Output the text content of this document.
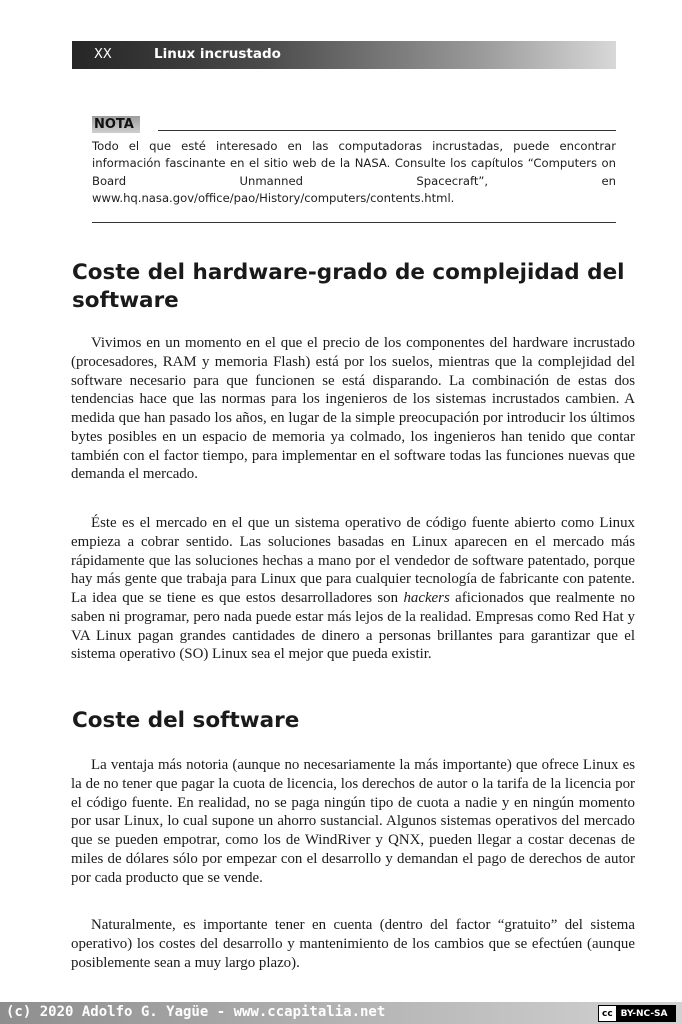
XX	Linux incrustado
NOTA
Todo el que esté interesado en las computadoras incrustadas, puede encontrar información fascinante en el sitio web de la NASA. Consulte los capítulos “Computers on Board Unmanned Spacecraft”, en www.hq.nasa.gov/office/pao/History/computers/contents.html.
Coste del hardware-grado de complejidad del software

Vivimos en un momento en el que el precio de los componentes del hardware incrustado (procesadores, RAM y memoria Flash) está por los suelos, mientras que la complejidad del software necesario para que funcionen se está disparando. La combinación de estas dos tendencias hace que las normas para los ingenieros de los sistemas incrustados cambien. A medida que han pasado los años, en lugar de la simple preocupación por introducir los últimos bytes posibles en un espacio de memoria ya colmado, los ingenieros han tenido que contar también con el factor tiempo, para implementar en el software todas las funciones nuevas que demanda el mercado.

Éste es el mercado en el que un sistema operativo de código fuente abierto como Linux empieza a cobrar sentido. Las soluciones basadas en Linux aparecen en el mercado más rápidamente que las soluciones hechas a mano por el vendedor de software patentado, porque hay más gente que trabaja para Linux que para cualquier tecnología de fabricante con patente. La idea que se tiene es que estos desarrolladores son hackers aficionados que realmente no saben ni programar, pero nada puede estar más lejos de la realidad. Empresas como Red Hat y VA Linux pagan grandes cantidades de dinero a personas brillantes para garantizar que el sistema operativo (SO) Linux sea el mejor que pueda existir.

Coste del software

La ventaja más notoria (aunque no necesariamente la más importante) que ofrece Linux es la de no tener que pagar la cuota de licencia, los derechos de autor o la tarifa de la licencia por el código fuente. En realidad, no se paga ningún tipo de cuota a nadie y en ningún momento por usar Linux, lo cual supone un ahorro sustancial. Algunos sistemas operativos del mercado que se pueden empotrar, como los de WindRiver y QNX, pueden llegar a costar decenas de miles de dólares sólo por empezar con el desarrollo y demandan el pago de derechos de autor por cada producto que se vende.

Naturalmente, es importante tener en cuenta (dentro del factor “gratuito” del sistema operativo) los costes del desarrollo y mantenimiento de los cambios que se efectúen (aunque posiblemente sean a muy largo plazo).

(c) 2020 Adolfo G. Yagüe - www.ccapitalia.net	cc BY-NC-SA
